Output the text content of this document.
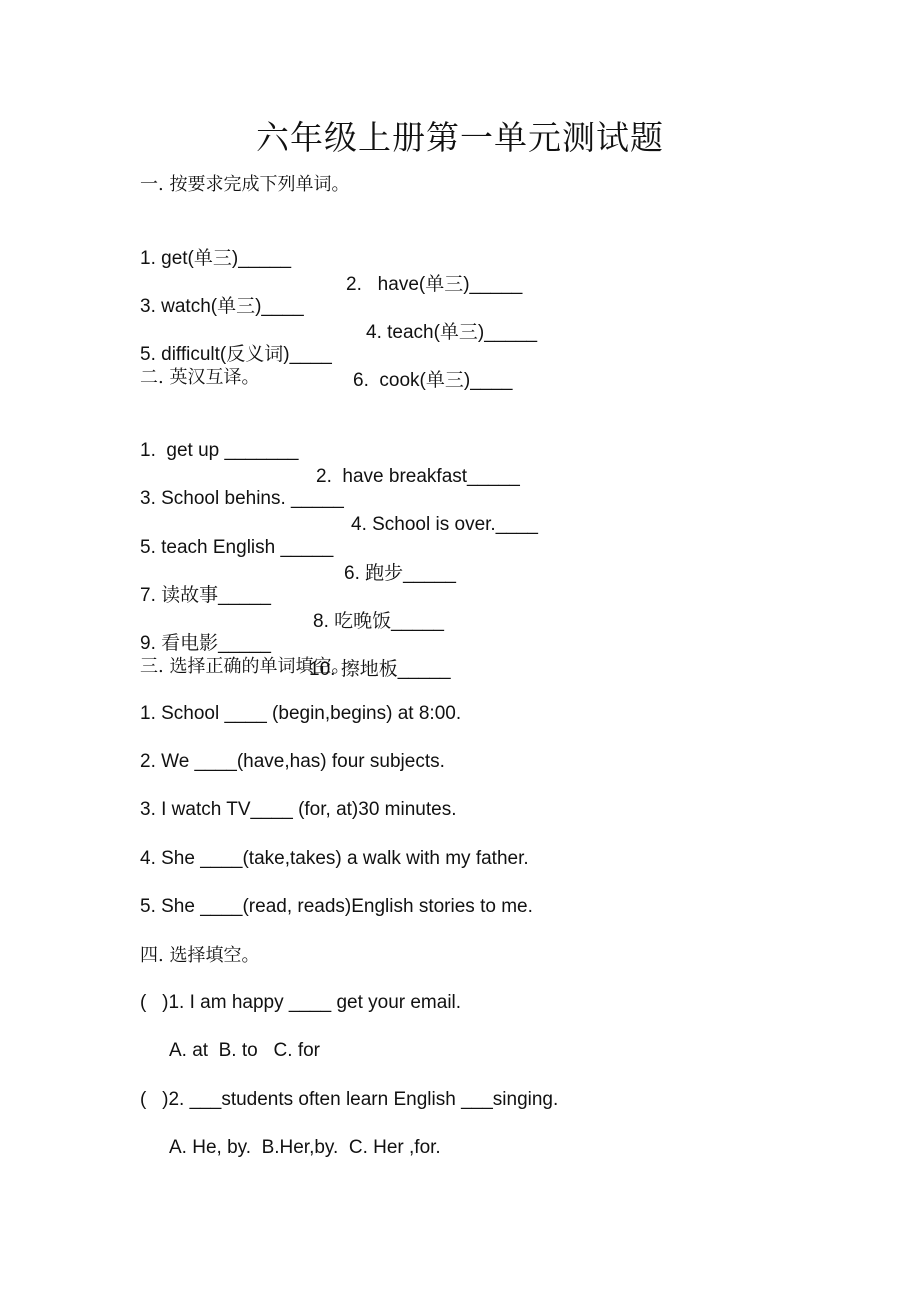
六年级上册第一单元测试题
一. 按要求完成下列单词。

1. get(单三)_____

2.   have(单三)_____

3. watch(单三)____

4. teach(单三)_____

5. difficult(反义词)____

6.  cook(单三)____

二. 英汉互译。

1.  get up _______

2.  have breakfast_____

3. School behins. _____

4. School is over.____

5. teach English _____

6. 跑步_____

7. 读故事_____

8. 吃晚饭_____

9. 看电影_____

10. 擦地板_____

三. 选择正确的单词填空。
1. School ____ (begin,begins) at 8:00.
2. We ____(have,has) four subjects.
3. I watch TV____ (for, at)30 minutes.
4. She ____(take,takes) a walk with my father.
5. She ____(read, reads)English stories to me.
四. 选择填空。
(   )1. I am happy ____ get your email.
A. at  B. to   C. for
(   )2. ___students often learn English ___singing.
A. He, by.  B.Her,by.  C. Her ,for.
